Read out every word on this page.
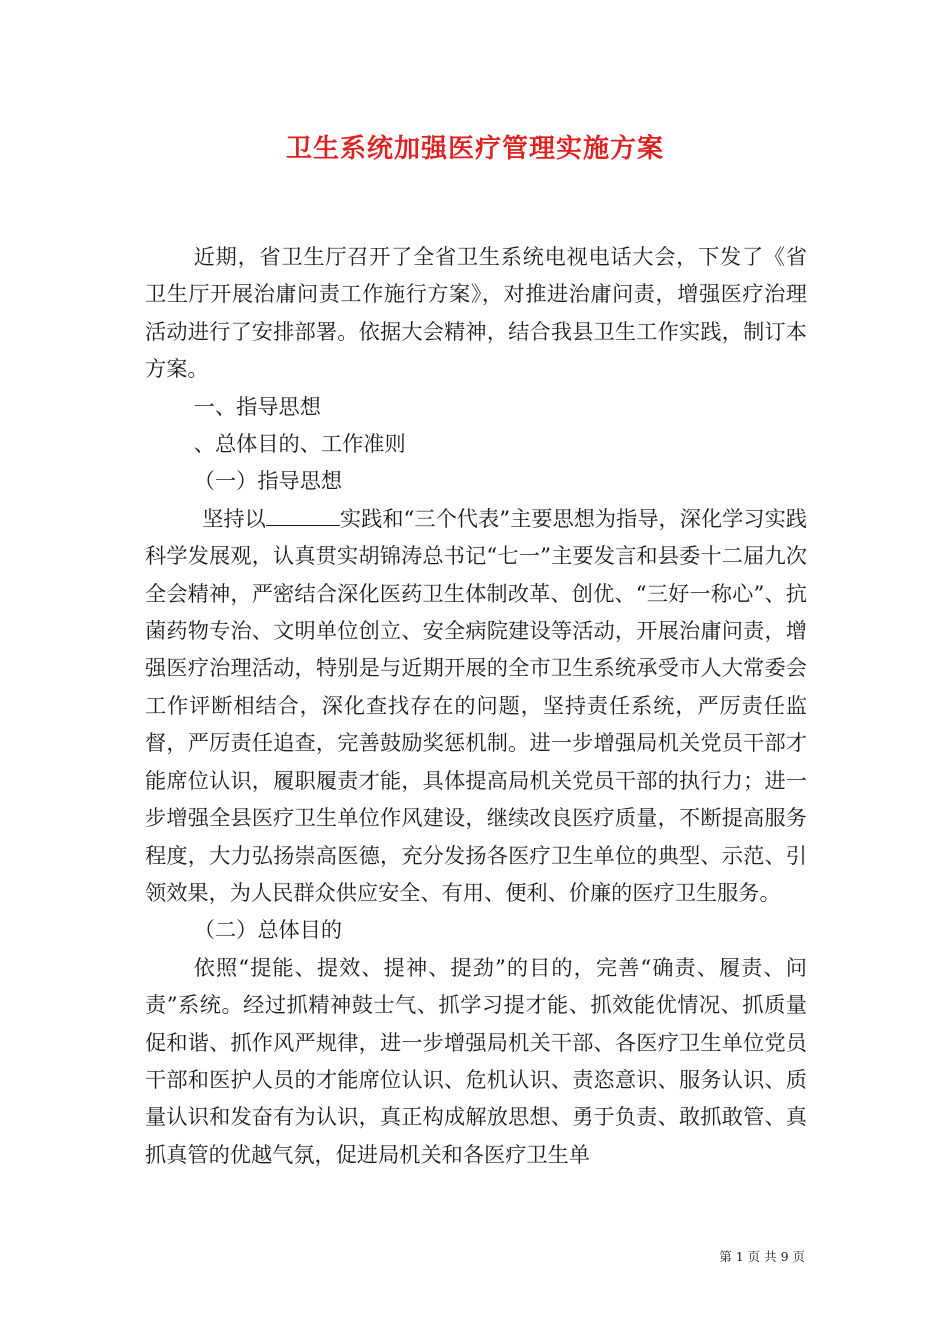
卫生系统加强医疗管理实施方案

近期，省卫生厅召开了全省卫生系统电视电话大会，下发了《省卫生厅开展治庸问责工作施行方案》，对推进治庸问责，增强医疗治理活动进行了安排部署。依据大会精神，结合我县卫生工作实践，制订本方案。

一、指导思想

、总体目的、工作准则

（一）指导思想

坚持以	实践和“三个代表”主要思想为指导，深化学习实践科学发展观，认真贯实胡锦涛总书记“七一”主要发言和县委十二届九次全会精神，严密结合深化医药卫生体制改革、创优、“三好一称心”、抗菌药物专治、文明单位创立、安全病院建设等活动，开展治庸问责，增强医疗治理活动，特别是与近期开展的全市卫生系统承受市人大常委会工作评断相结合，深化查找存在的问题，坚持责任系统，严厉责任监督，严厉责任追查，完善鼓励奖惩机制。进一步增强局机关党员干部才能席位认识，履职履责才能，具体提高局机关党员干部的执行力；进一步增强全县医疗卫生单位作风建设，继续改良医疗质量，不断提高服务程度，大力弘扬崇高医德，充分发扬各医疗卫生单位的典型、示范、引领效果，为人民群众供应安全、有用、便利、价廉的医疗卫生服务。

（二）总体目的

依照“提能、提效、提神、提劲”的目的，完善“确责、履责、问责”系统。经过抓精神鼓士气、抓学习提才能、抓效能优情况、抓质量促和谐、抓作风严规律，进一步增强局机关干部、各医疗卫生单位党员干部和医护人员的才能席位认识、危机认识、责恣意识、服务认识、质量认识和发奋有为认识，真正构成解放思想、勇于负责、敢抓敢管、真抓真管的优越气氛，促进局机关和各医疗卫生单

第 1 页 共 9 页
